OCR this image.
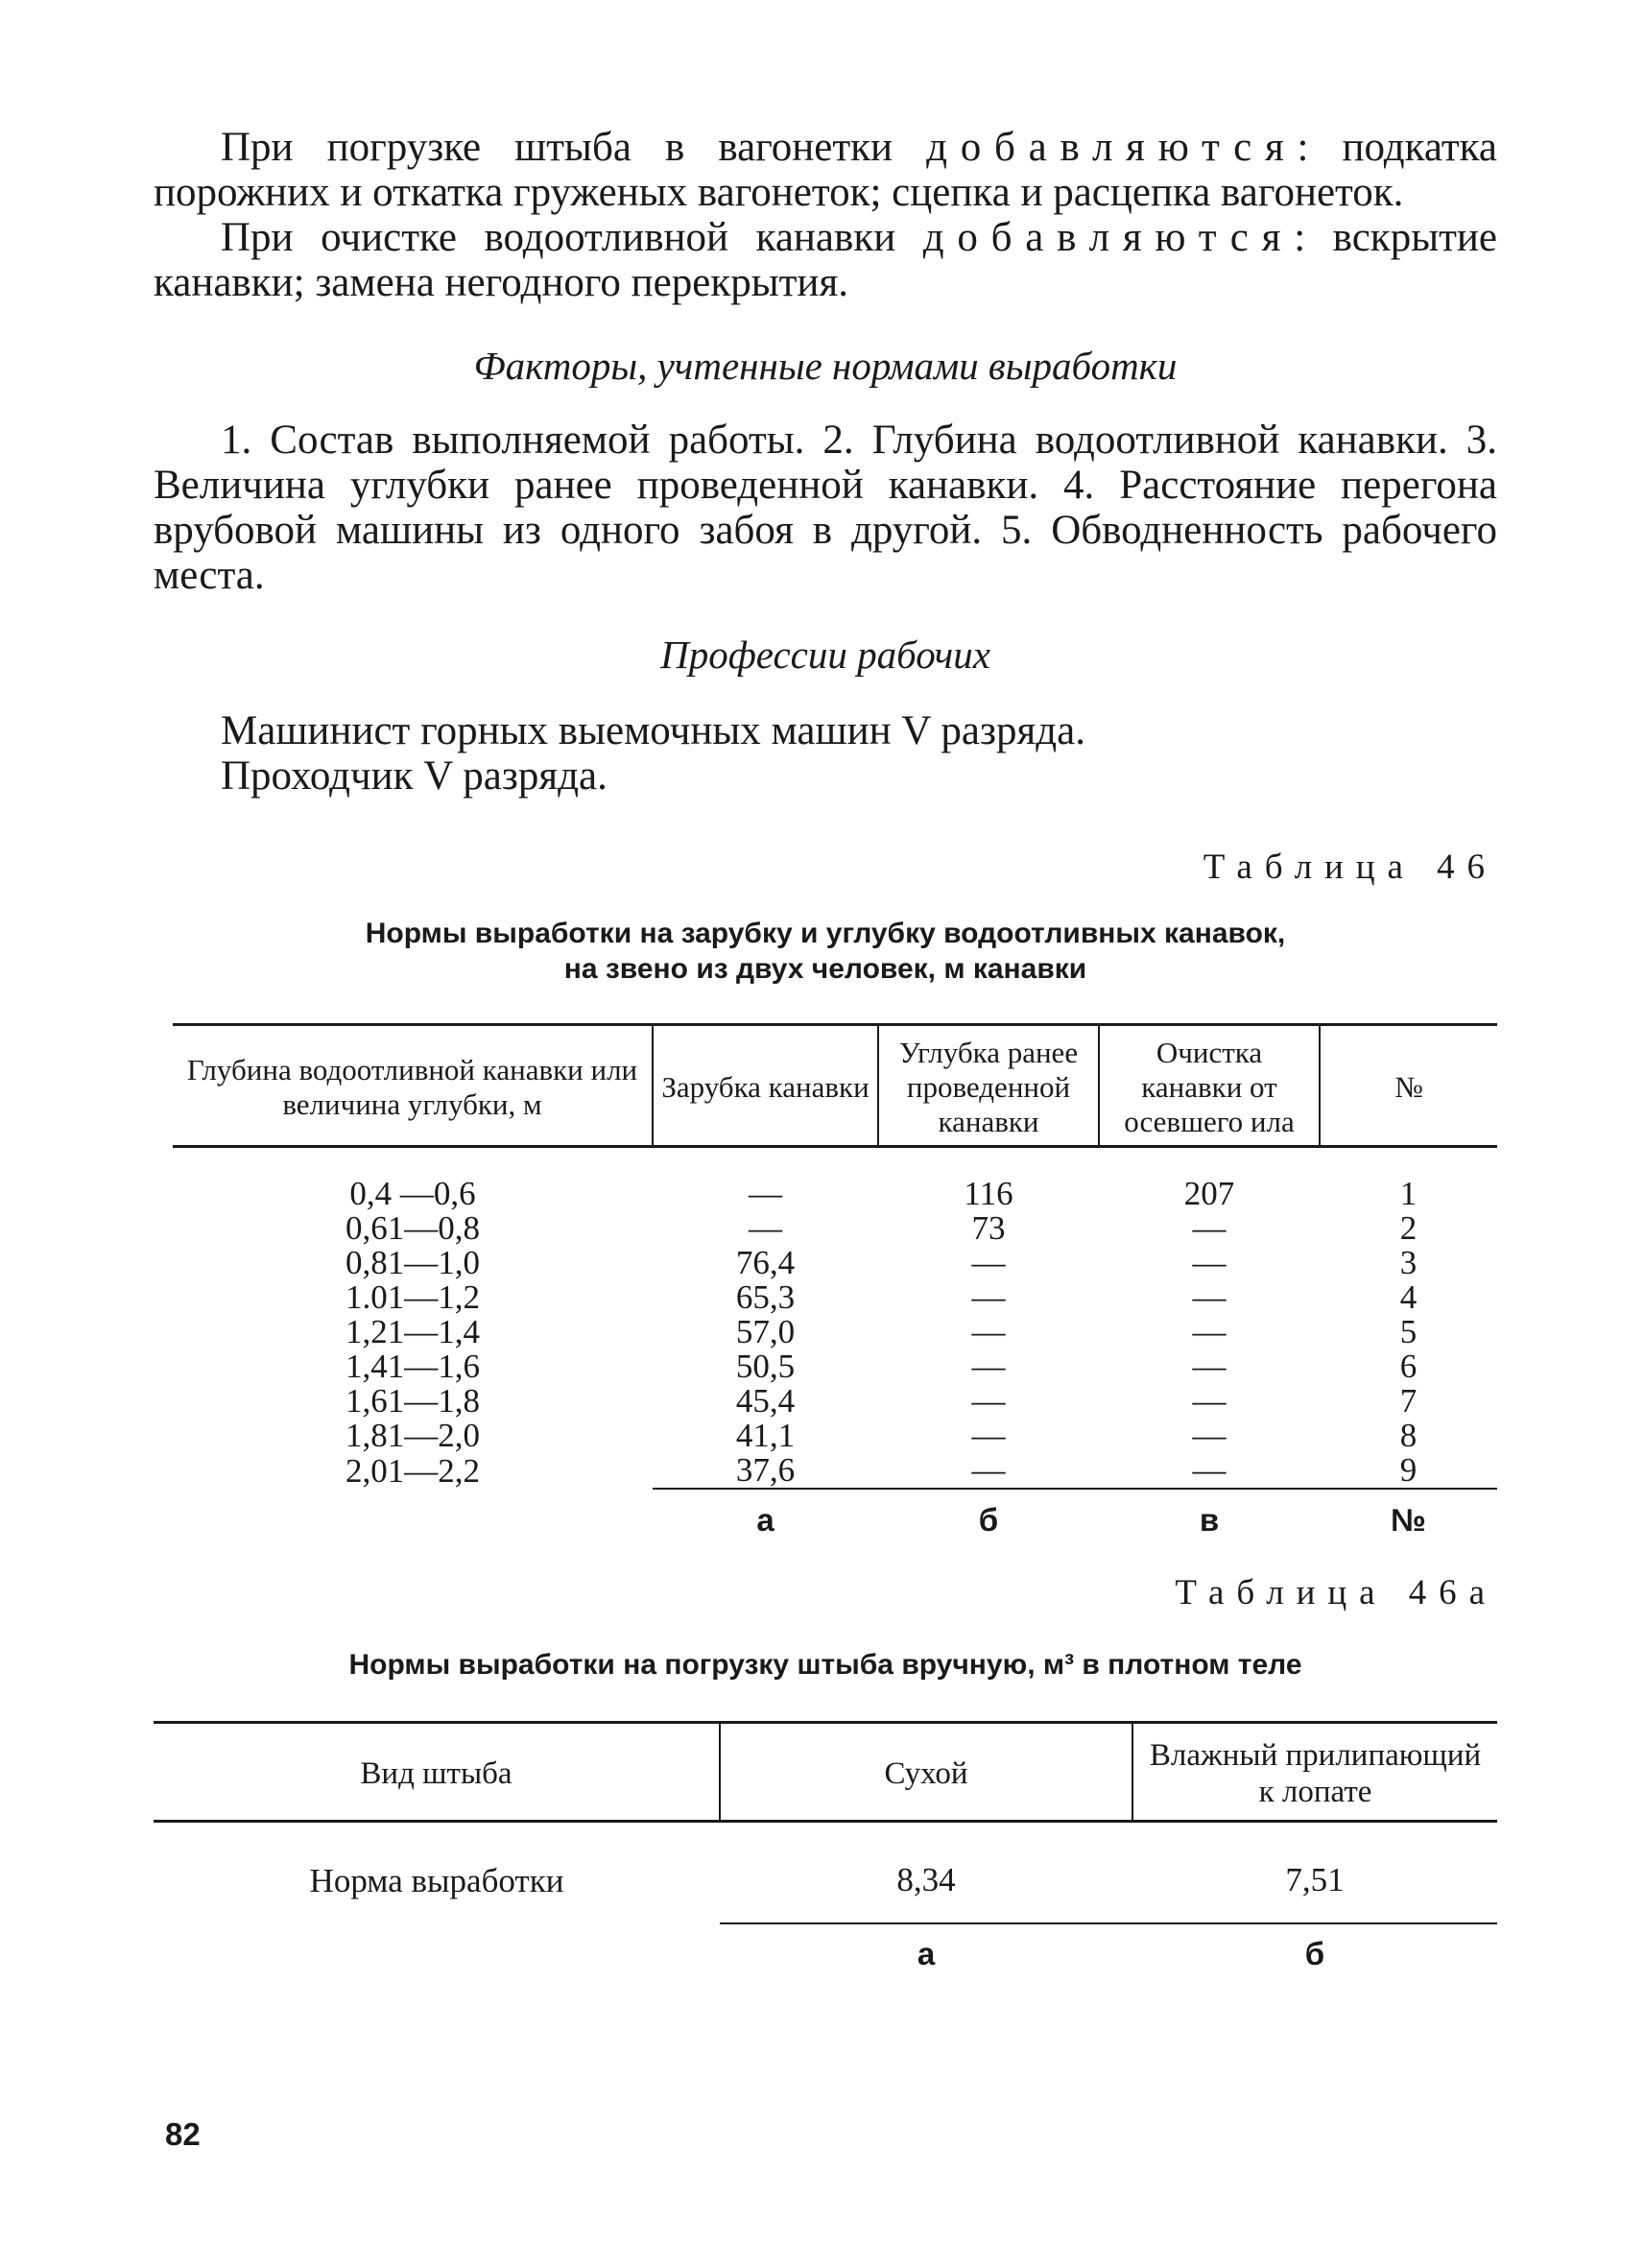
При погрузке штыба в вагонетки добавляются: подкатка порожних и откатка груженых вагонеток; сцепка и расцепка вагонеток.

При очистке водоотливной канавки добавляются: вскрытие канавки; замена негодного перекрытия.

Факторы, учтенные нормами выработки

1. Состав выполняемой работы. 2. Глубина водоотливной канавки. 3. Величина углубки ранее проведенной канавки. 4. Расстояние перегона врубовой машины из одного забоя в другой. 5. Обводненность рабочего места.

Профессии рабочих
Машинист горных выемочных машин V разряда.
Проходчик V разряда.
Таблица 46
Нормы выработки на зарубку и углубку водоотливных канавок,
на звено из двух человек, м канавки
Глубина водоотливной канавки или величина углубки, м	Зарубка канавки	Углубка ранее проведенной канавки	Очистка канавки от осевшего ила	№
0,4 —0,6	—	116	207	1
0,61—0,8	—	73	—	2
0,81—1,0	76,4	—	—	3
1.01—1,2	65,3	—	—	4
1,21—1,4	57,0	—	—	5
1,41—1,6	50,5	—	—	6
1,61—1,8	45,4	—	—	7
1,81—2,0	41,1	—	—	8
2,01—2,2	37,6	—	—	9
	а	б	в	№
Таблица 46а
Нормы выработки на погрузку штыба вручную, м³ в плотном теле
Вид штыба	Сухой	Влажный прилипающий к лопате
Норма выработки	8,34	7,51
	а	б
82
